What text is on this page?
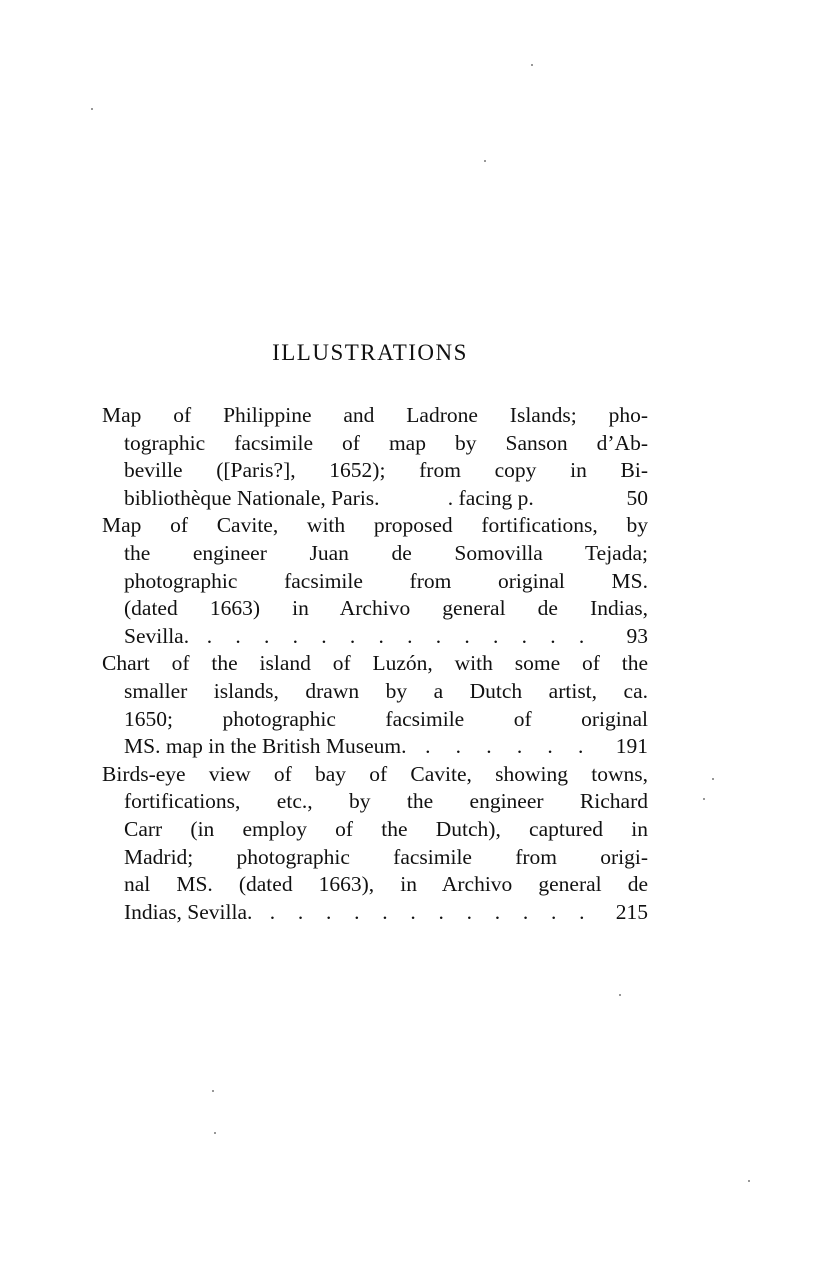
ILLUSTRATIONS
Map of Philippine and Ladrone Islands; pho-
tographic facsimile of map by Sanson d’Ab-
beville ([Paris?], 1652); from copy in Bi-
bibliothèque Nationale, Paris.	. facing p.	50
Map of Cavite, with proposed fortifications, by
the engineer Juan de Somovilla Tejada;
photographic facsimile from original MS.
(dated 1663) in Archivo general de Indias,
Sevilla. . . . . . . . . . . . . . .	93
Chart of the island of Luzón, with some of the
smaller islands, drawn by a Dutch artist, ca.
1650; photographic facsimile of original
MS. map in the British Museum. . . . . . .	191
Birds-eye view of bay of Cavite, showing towns,
fortifications, etc., by the engineer Richard
Carr (in employ of the Dutch), captured in
Madrid; photographic facsimile from origi-
nal MS. (dated 1663), in Archivo general de
Indias, Sevilla. . . . . . . . . . . . .	215
